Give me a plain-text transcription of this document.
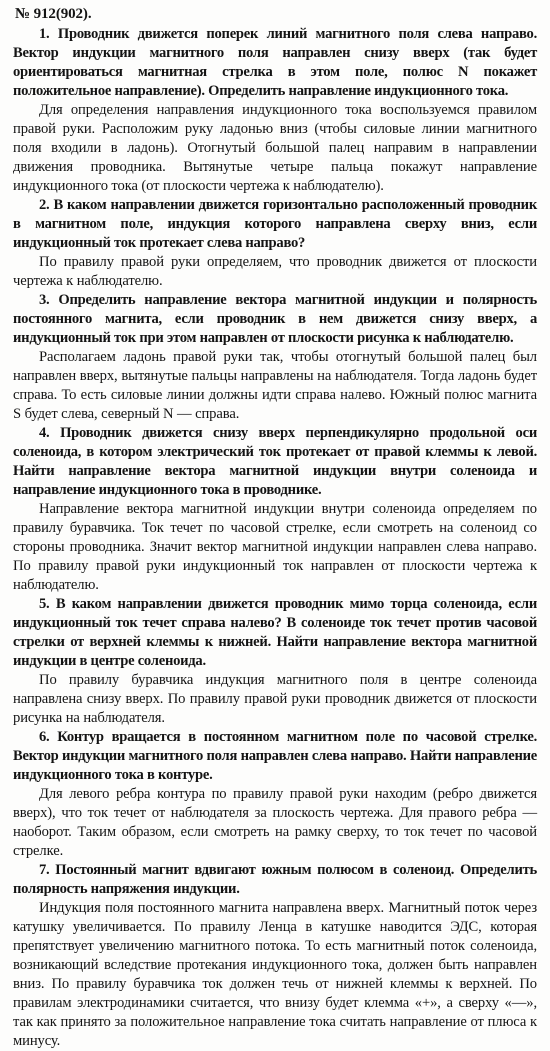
№ 912(902).

1. Проводник движется поперек линий магнитного поля слева направо. Вектор индукции магнитного поля направлен снизу вверх (так будет ориентироваться магнитная стрелка в этом поле, полюс N покажет положительное направление). Определить направление индукционного тока.

Для определения направления индукционного тока воспользуемся правилом правой руки. Расположим руку ладонью вниз (чтобы силовые линии магнитного поля входили в ладонь). Отогнутый большой палец направим в направлении движения проводника. Вытянутые четыре пальца покажут направление индукционного тока (от плоскости чертежа к наблюдателю).

2. В каком направлении движется горизонтально расположенный проводник в магнитном поле, индукция которого направлена сверху вниз, если индукционный ток протекает слева направо?

По правилу правой руки определяем, что проводник движется от плоскости чертежа к наблюдателю.

3. Определить направление вектора магнитной индукции и полярность постоянного магнита, если проводник в нем движется снизу вверх, а индукционный ток при этом направлен от плоскости рисунка к наблюдателю.

Располагаем ладонь правой руки так, чтобы отогнутый большой палец был направлен вверх, вытянутые пальцы направлены на наблюдателя. Тогда ладонь будет справа. То есть силовые линии должны идти справа налево. Южный полюс магнита S будет слева, северный N — справа.

4. Проводник движется снизу вверх перпендикулярно продольной оси соленоида, в котором электрический ток протекает от правой клеммы к левой. Найти направление вектора магнитной индукции внутри соленоида и направление индукционного тока в проводнике.

Направление вектора магнитной индукции внутри соленоида определяем по правилу буравчика. Ток течет по часовой стрелке, если смотреть на соленоид со стороны проводника. Значит вектор магнитной индукции направлен слева направо. По правилу правой руки индукционный ток направлен от плоскости чертежа к наблюдателю.

5. В каком направлении движется проводник мимо торца соленоида, если индукционный ток течет справа налево? В соленоиде ток течет против часовой стрелки от верхней клеммы к нижней. Найти направление вектора магнитной индукции в центре соленоида.

По правилу буравчика индукция магнитного поля в центре соленоида направлена снизу вверх. По правилу правой руки проводник движется от плоскости рисунка на наблюдателя.

6. Контур вращается в постоянном магнитном поле по часовой стрелке. Вектор индукции магнитного поля направлен слева направо. Найти направление индукционного тока в контуре.

Для левого ребра контура по правилу правой руки находим (ребро движется вверх), что ток течет от наблюдателя за плоскость чертежа. Для правого ребра — наоборот. Таким образом, если смотреть на рамку сверху, то ток течет по часовой стрелке.

7. Постоянный магнит вдвигают южным полюсом в соленоид. Определить полярность напряжения индукции.

Индукция поля постоянного магнита направлена вверх. Магнитный поток через катушку увеличивается. По правилу Ленца в катушке наводится ЭДС, которая препятствует увеличению магнитного потока. То есть магнитный поток соленоида, возникающий вследствие протекания индукционного тока, должен быть направлен вниз. По правилу буравчика ток должен течь от нижней клеммы к верхней. По правилам электродинамики считается, что внизу будет клемма «+», а сверху «—», так как принято за положительное направление тока считать направление от плюса к минусу.
